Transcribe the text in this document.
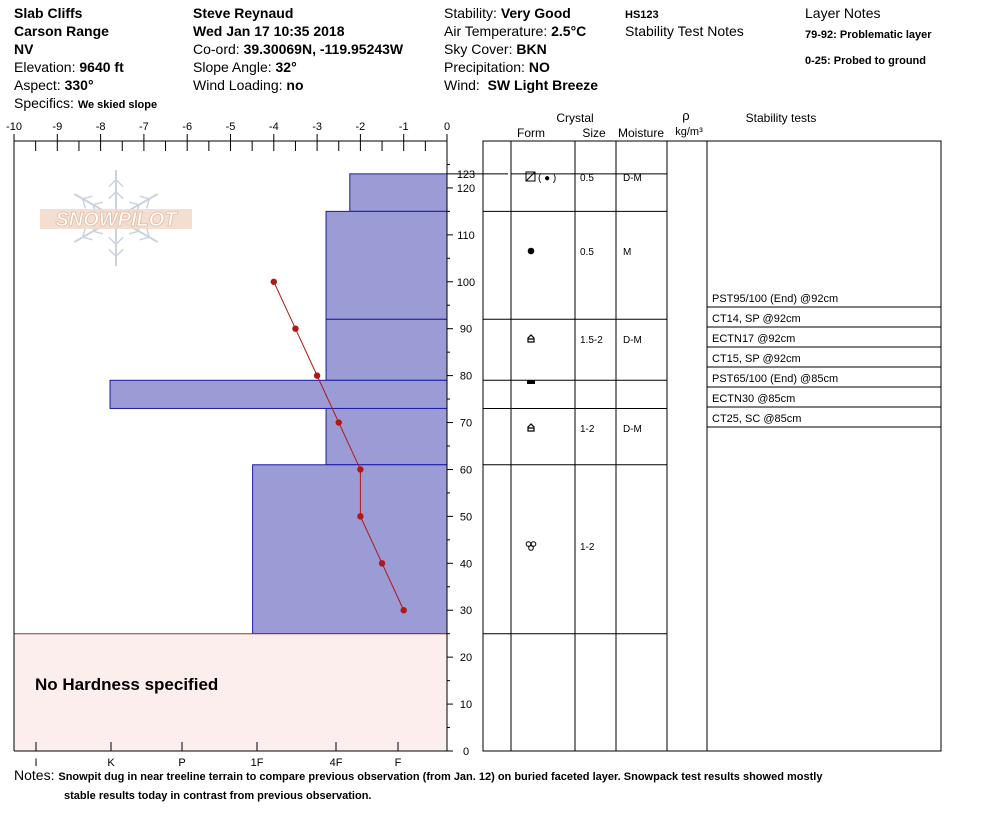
Slab Cliffs
Carson Range
NV
Elevation: 9640 ft
Aspect: 330°
Specifics: We skied slope
Steve Reynaud
Wed Jan 17 10:35 2018
Co-ord: 39.30069N, -119.95243W
Slope Angle: 32°
Wind Loading: no
Stability: Very Good
Air Temperature: 2.5°C
Sky Cover: BKN
Precipitation: NO
Wind: SW Light Breeze
HS123
Stability Test Notes
Layer Notes
79-92: Problematic layer
0-25: Probed to ground
SNOWPILOT
No Hardness specified
-10	-9	-8	-7	-6	-5	-4	-3	-2	-1	0
I	K	P	1F	4F	F
0
10
20
30
40
50
60
70
80
90
100
110
120
123
Crystal
Form	Size Moisture
ρ
kg/m³
Stability tests
( ● ) 0.5	D-M
0.5	M
1.5-2 D-M
1-2	D-M
1-2
PST95/100 (End) @92cm
CT14, SP @92cm
ECTN17 @92cm
CT15, SP @92cm
PST65/100 (End) @85cm
ECTN30 @85cm
CT25, SC @85cm
Notes: Snowpit dug in near treeline terrain to compare previous observation (from Jan. 12) on buried faceted layer. Snowpack test results showed mostly
stable results today in contrast from previous observation.
